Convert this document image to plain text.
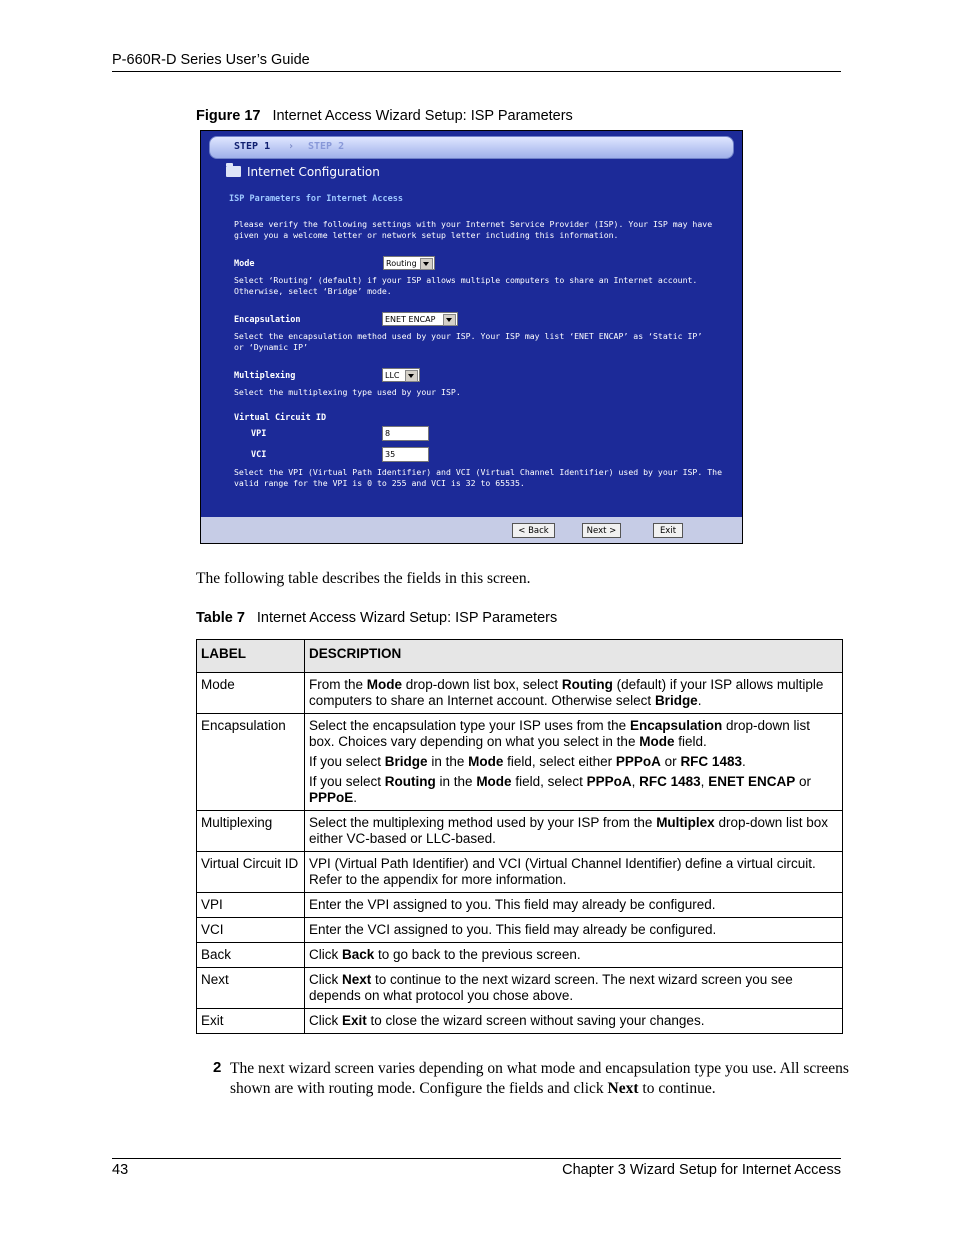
P-660R-D Series User’s Guide
Figure 17 Internet Access Wizard Setup: ISP Parameters
STEP 1 › STEP 2
Internet Configuration
ISP Parameters for Internet Access
Please verify the following settings with your Internet Service Provider (ISP). Your ISP may have
given you a welcome letter or network setup letter including this information.
Mode	Routing
Select ‘Routing’ (default) if your ISP allows multiple computers to share an Internet account.
Otherwise, select ‘Bridge’ mode.
Encapsulation	ENET ENCAP
Select the encapsulation method used by your ISP. Your ISP may list ‘ENET ENCAP’ as ‘Static IP’
or ‘Dynamic IP’
Multiplexing	LLC
Select the multiplexing type used by your ISP.
Virtual Circuit ID
VPI	8
VCI	35
Select the VPI (Virtual Path Identifier) and VCI (Virtual Channel Identifier) used by your ISP. The
valid range for the VPI is 0 to 255 and VCI is 32 to 65535.
< Back	Next >	Exit
The following table describes the fields in this screen.
Table 7 Internet Access Wizard Setup: ISP Parameters
LABEL	DESCRIPTION
Mode	From the Mode drop-down list box, select Routing (default) if your ISP allows multiple computers to share an Internet account. Otherwise select Bridge.

Encapsulation	Select the encapsulation type your ISP uses from the Encapsulation drop-down list box. Choices vary depending on what you select in the Mode field.

If you select Bridge in the Mode field, select either PPPoA or RFC 1483.

If you select Routing in the Mode field, select PPPoA, RFC 1483, ENET ENCAP or PPPoE.

Multiplexing	Select the multiplexing method used by your ISP from the Multiplex drop-down list box either VC-based or LLC-based.

Virtual Circuit ID	VPI (Virtual Path Identifier) and VCI (Virtual Channel Identifier) define a virtual circuit. Refer to the appendix for more information.

VPI	Enter the VPI assigned to you. This field may already be configured.

VCI	Enter the VCI assigned to you. This field may already be configured.

Back	Click Back to go back to the previous screen.

Next	Click Next to continue to the next wizard screen. The next wizard screen you see depends on what protocol you chose above.

Exit	Click Exit to close the wizard screen without saving your changes.

2 The next wizard screen varies depending on what mode and encapsulation type you use. All screens shown are with routing mode. Configure the fields and click Next to continue.
43	Chapter 3 Wizard Setup for Internet Access
